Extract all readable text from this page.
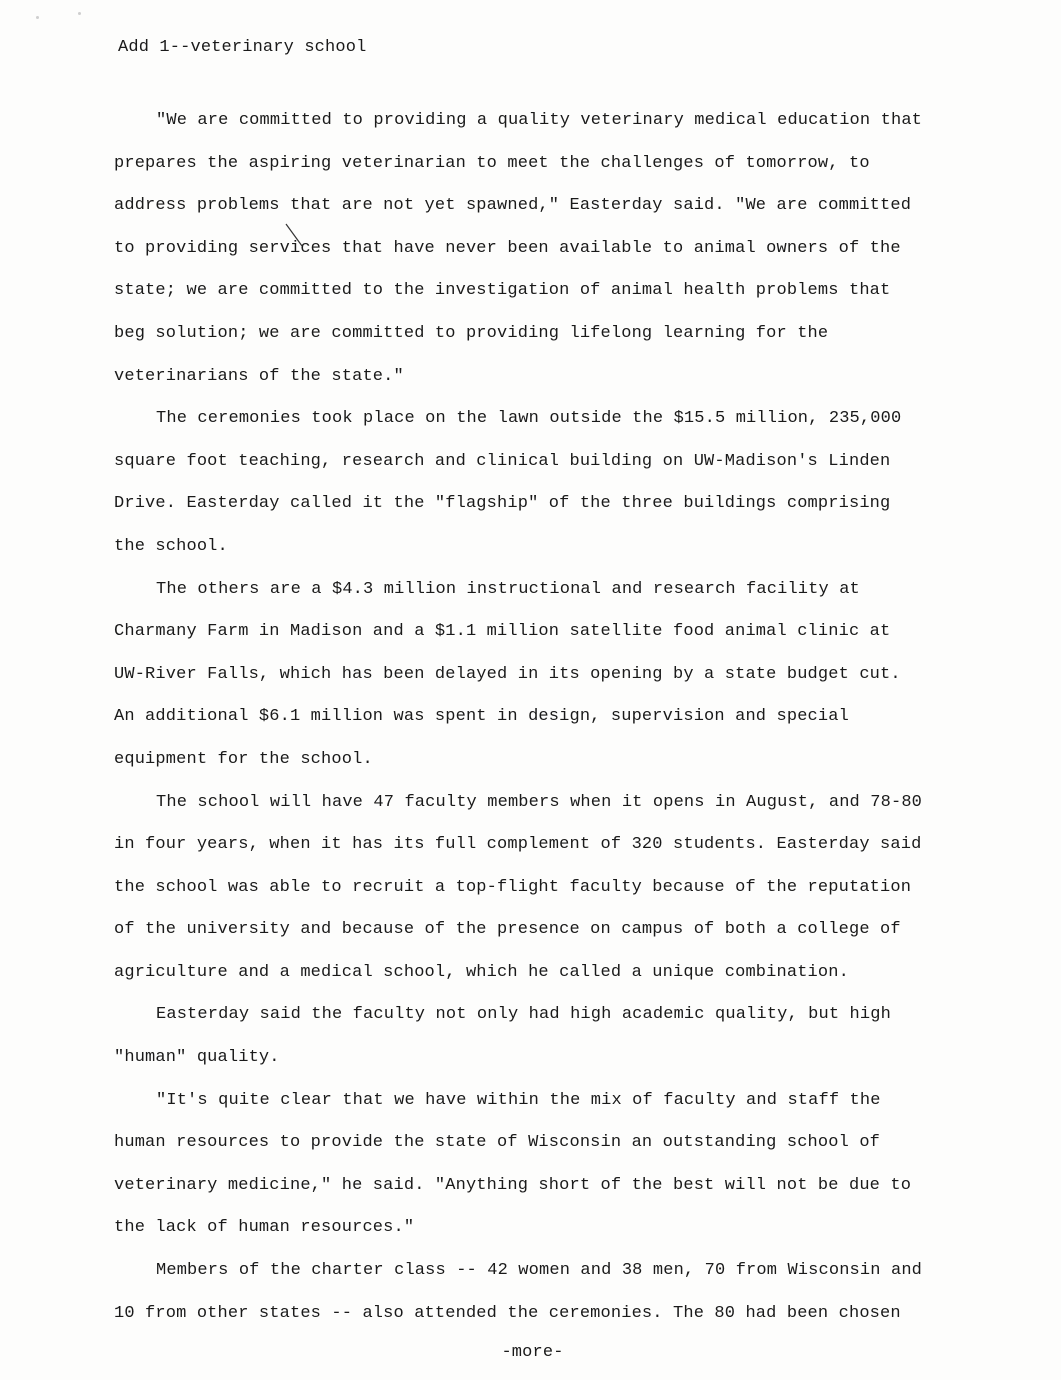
Add 1--veterinary school
"We are committed to providing a quality veterinary medical education that
prepares the aspiring veterinarian to meet the challenges of tomorrow, to
address problems that are not yet spawned," Easterday said. "We are committed
to providing services that have never been available to animal owners of the
state; we are committed to the investigation of animal health problems that
beg solution; we are committed to providing lifelong learning for the
veterinarians of the state."
The ceremonies took place on the lawn outside the $15.5 million, 235,000
square foot teaching, research and clinical building on UW-Madison's Linden
Drive. Easterday called it the "flagship" of the three buildings comprising
the school.
The others are a $4.3 million instructional and research facility at
Charmany Farm in Madison and a $1.1 million satellite food animal clinic at
UW-River Falls, which has been delayed in its opening by a state budget cut.
An additional $6.1 million was spent in design, supervision and special
equipment for the school.
The school will have 47 faculty members when it opens in August, and 78-80
in four years, when it has its full complement of 320 students. Easterday said
the school was able to recruit a top-flight faculty because of the reputation
of the university and because of the presence on campus of both a college of
agriculture and a medical school, which he called a unique combination.
Easterday said the faculty not only had high academic quality, but high
"human" quality.
"It's quite clear that we have within the mix of faculty and staff the
human resources to provide the state of Wisconsin an outstanding school of
veterinary medicine," he said. "Anything short of the best will not be due to
the lack of human resources."
Members of the charter class -- 42 women and 38 men, 70 from Wisconsin and
10 from other states -- also attended the ceremonies. The 80 had been chosen
-more-
